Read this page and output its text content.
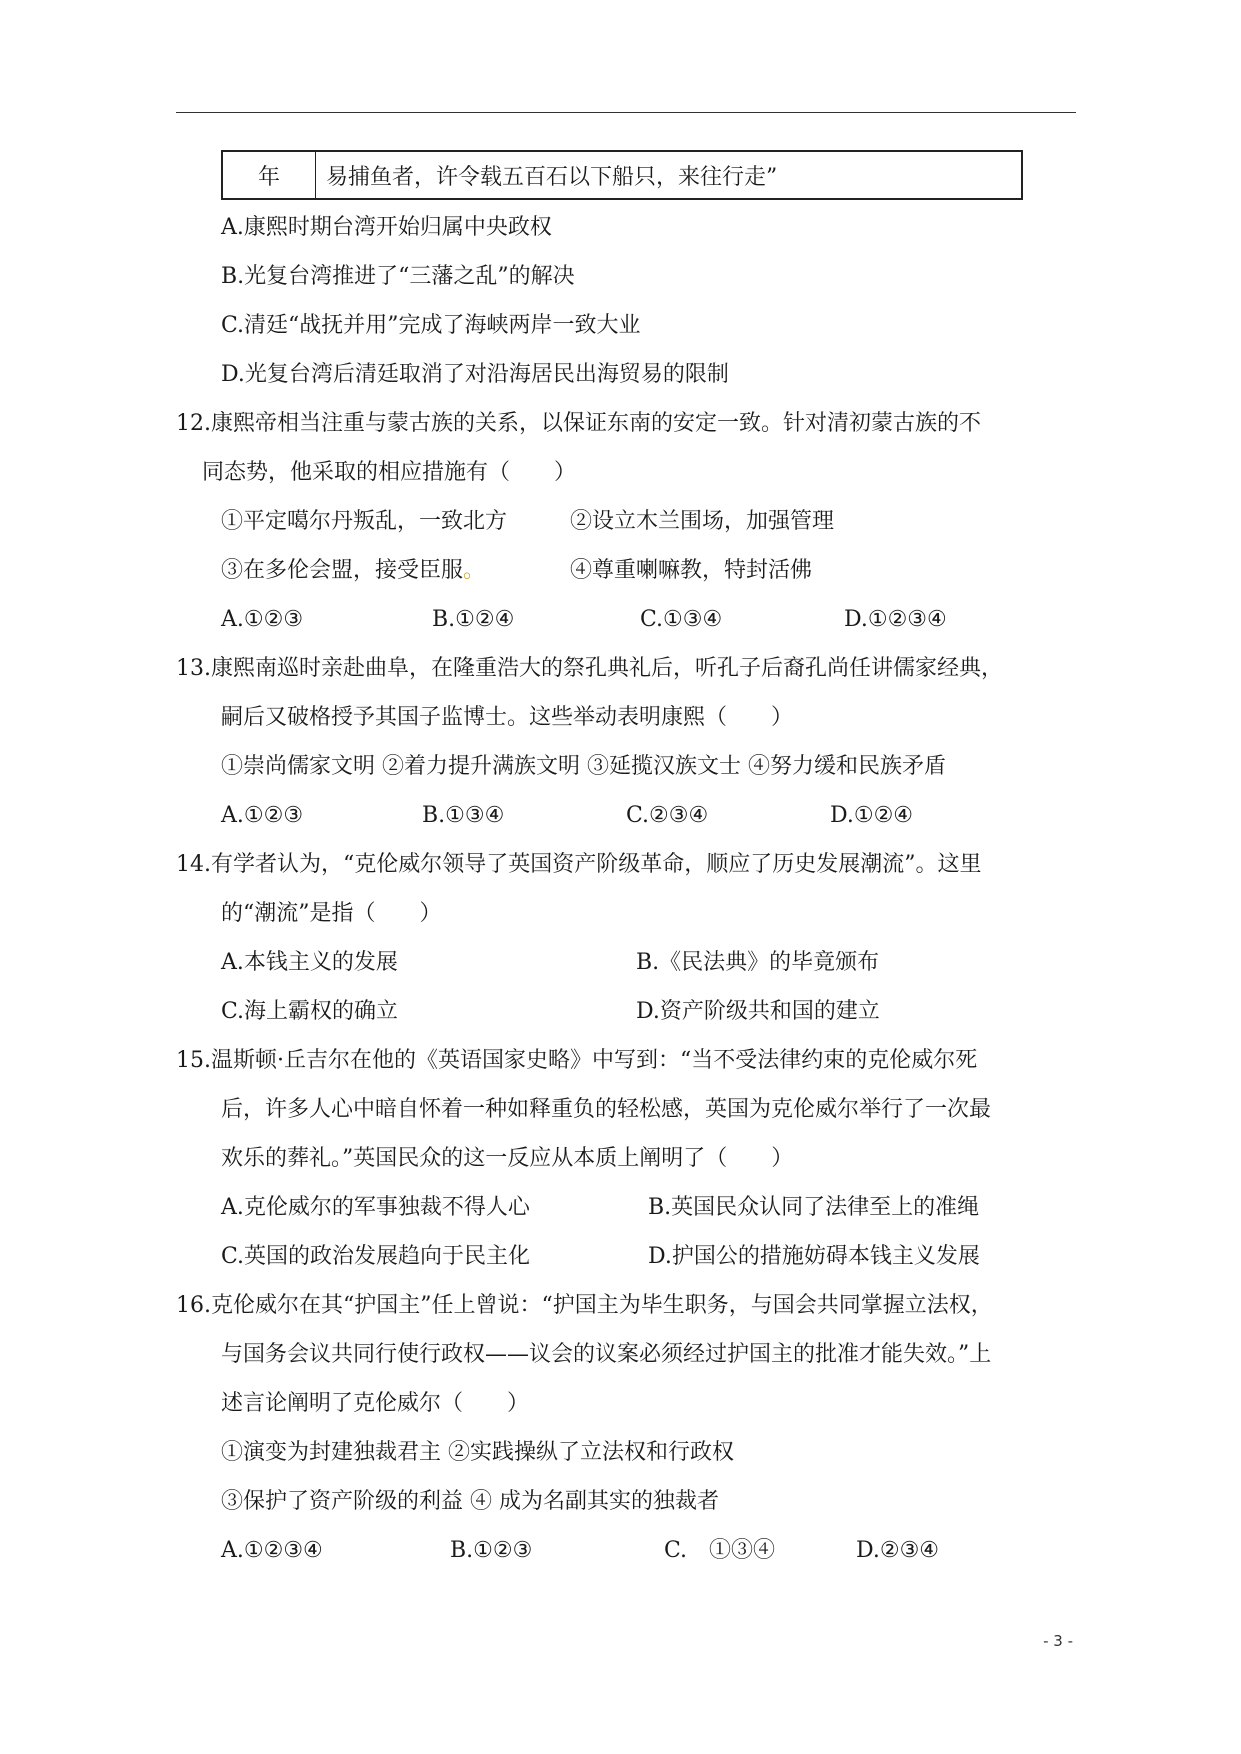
年	易捕鱼者，许令载五百石以下船只，来往行走”
A.康熙时期台湾开始归属中央政权
B.光复台湾推进了“三藩之乱”的解决
C.清廷“战抚并用”完成了海峡两岸一致大业
D.光复台湾后清廷取消了对沿海居民出海贸易的限制
12.康熙帝相当注重与蒙古族的关系，以保证东南的安定一致。针对清初蒙古族的不
同态势，他采取的相应措施有（　　）
①平定噶尔丹叛乱，一致北方	②设立木兰围场，加强管理
③在多伦会盟，接受臣服。	④尊重喇嘛教，特封活佛
A.①②③	B.①②④	C.①③④	D.①②③④
13.康熙南巡时亲赴曲阜，在隆重浩大的祭孔典礼后，听孔子后裔孔尚任讲儒家经典，
嗣后又破格授予其国子监博士。这些举动表明康熙（　　）
①崇尚儒家文明 ②着力提升满族文明 ③延揽汉族文士 ④努力缓和民族矛盾
A.①②③	B.①③④	C.②③④	D.①②④
14.有学者认为，“克伦威尔领导了英国资产阶级革命，顺应了历史发展潮流”。这里
的“潮流”是指（　　）
A.本钱主义的发展	B.《民法典》的毕竟颁布
C.海上霸权的确立	D.资产阶级共和国的建立
15.温斯顿·丘吉尔在他的《英语国家史略》中写到：“当不受法律约束的克伦威尔死
后，许多人心中暗自怀着一种如释重负的轻松感，英国为克伦威尔举行了一次最
欢乐的葬礼。”英国民众的这一反应从本质上阐明了（　　）
A.克伦威尔的军事独裁不得人心	B.英国民众认同了法律至上的准绳
C.英国的政治发展趋向于民主化	D.护国公的措施妨碍本钱主义发展
16.克伦威尔在其“护国主”任上曾说：“护国主为毕生职务，与国会共同掌握立法权，
与国务会议共同行使行政权——议会的议案必须经过护国主的批准才能失效。”上
述言论阐明了克伦威尔（　　）
①演变为封建独裁君主 ②实践操纵了立法权和行政权
③保护了资产阶级的利益 ④ 成为名副其实的独裁者
A.①②③④	B.①②③	C.　①③④	D.②③④
- 3 -
